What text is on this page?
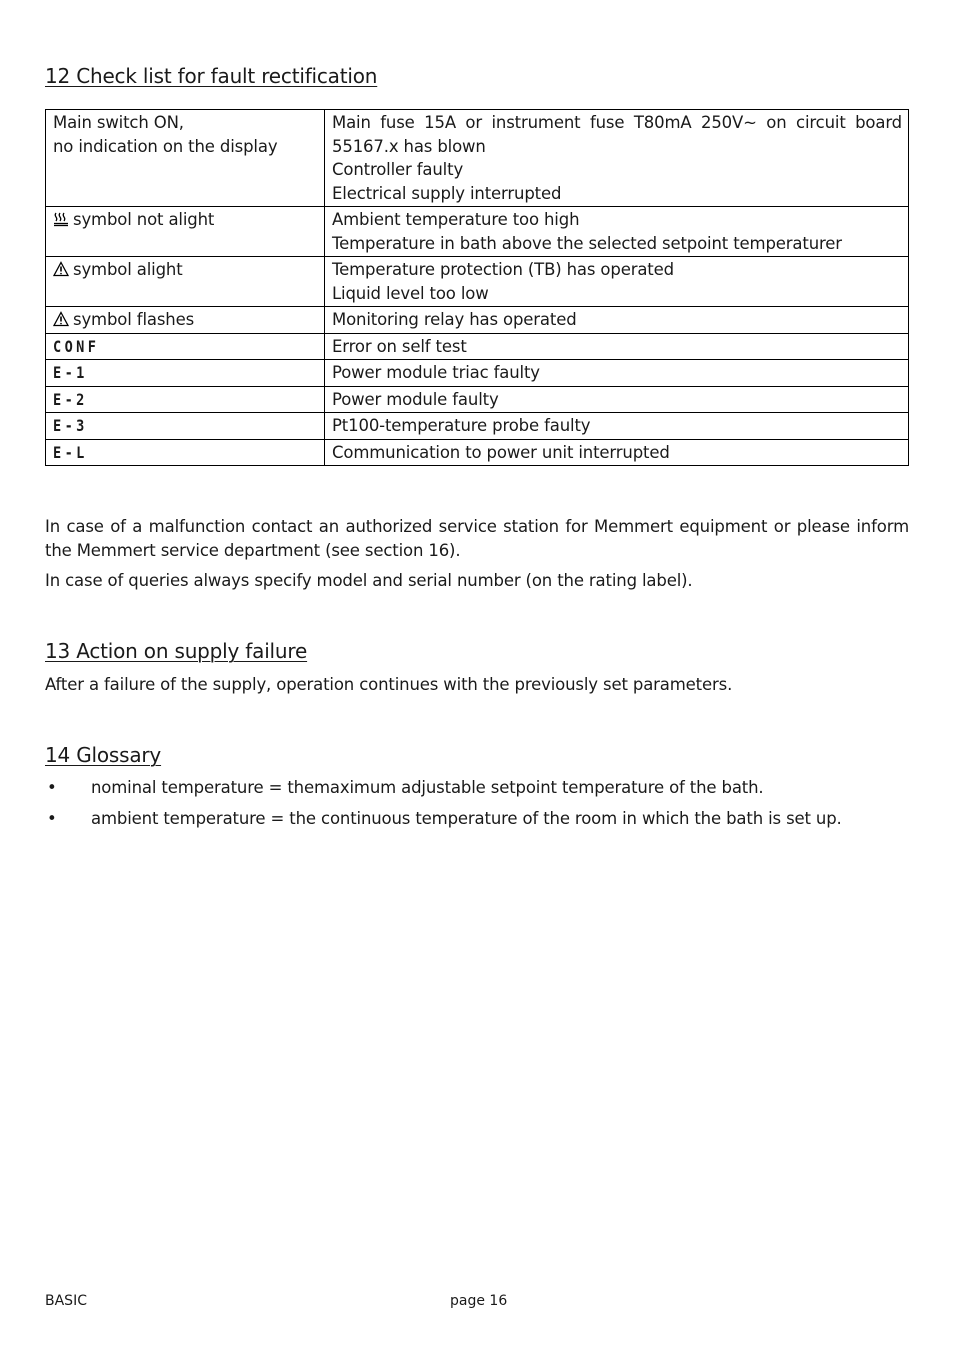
12 Check list for fault rectification
Main switch ON,
no indication on the display	Main fuse 15A or instrument fuse T80mA 250V∼ on circuit board 55167.x has blown
Controller faulty
Electrical supply interrupted

symbol not alight	Ambient temperature too high
Temperature in bath above the selected setpoint temperaturer

symbol alight	Temperature protection (TB) has operated
Liquid level too low

symbol flashes	Monitoring relay has operated

CONF	Error on self test

E-1	Power module triac faulty

E-2	Power module faulty

E-3	Pt100-temperature probe faulty

E-L	Communication to power unit interrupted

In case of a malfunction contact an authorized service station for Memmert equipment or please inform the Memmert service department (see section 16).

In case of queries always specify model and serial number (on the rating label).

13 Action on supply failure

After a failure of the supply, operation continues with the previously set parameters.

14 Glossary
• nominal temperature = themaximum adjustable setpoint temperature of the bath.
• ambient temperature = the continuous temperature of the room in which the bath is set up.
BASIC	page 16
